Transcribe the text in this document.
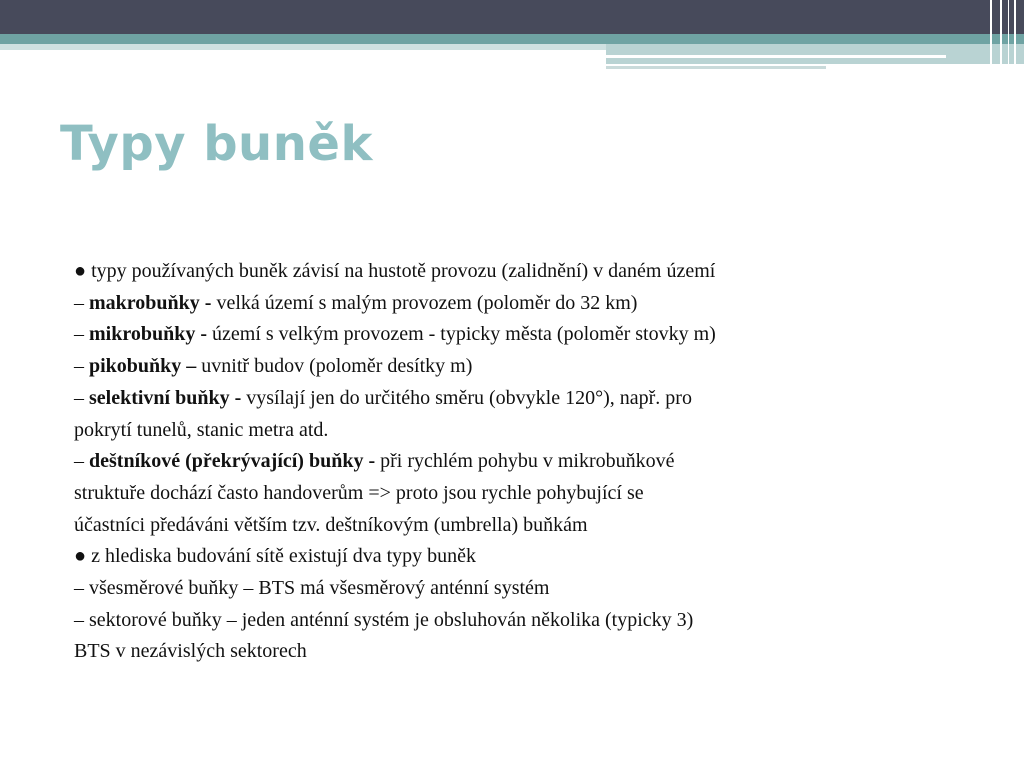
Typy buněk

● typy používaných buněk závisí na hustotě provozu (zalidnění) v daném území

– makrobuňky - velká území s malým provozem (poloměr do 32 km)

– mikrobuňky - území s velkým provozem - typicky města (poloměr stovky m)

– pikobuňky – uvnitř budov (poloměr desítky m)

– selektivní buňky - vysílají jen do určitého směru (obvykle 120°), např. pro

pokrytí tunelů, stanic metra atd.

– deštníkové (překrývající) buňky - při rychlém pohybu v mikrobuňkové

struktuře dochází často handoverům => proto jsou rychle pohybující se

účastníci předáváni větším tzv. deštníkovým (umbrella) buňkám

● z hlediska budování sítě existují dva typy buněk

– všesměrové buňky – BTS má všesměrový anténní systém

– sektorové buňky – jeden anténní systém je obsluhován několika (typicky 3)

BTS v nezávislých sektorech
